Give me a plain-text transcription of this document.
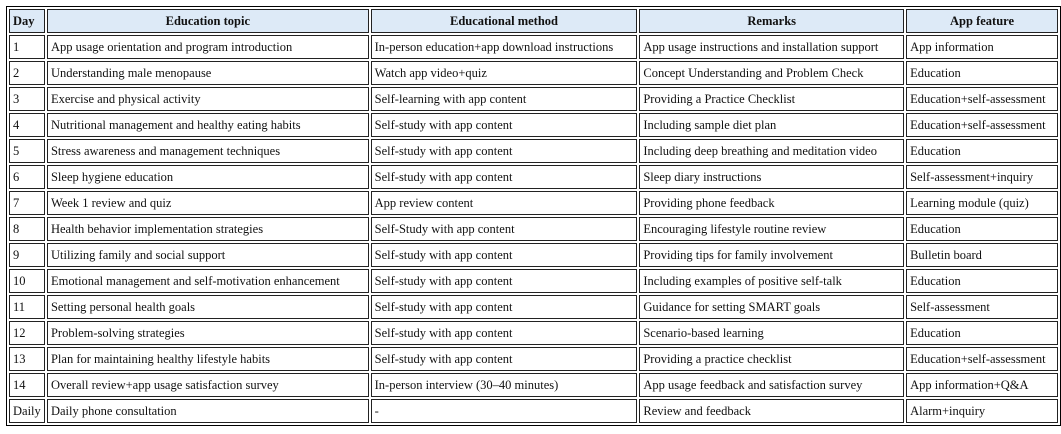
Day	Education topic	Educational method	Remarks	App feature
1	App usage orientation and program introduction	In-person education+app download instructions	App usage instructions and installation support	App information
2	Understanding male menopause	Watch app video+quiz	Concept Understanding and Problem Check	Education
3	Exercise and physical activity	Self-learning with app content	Providing a Practice Checklist	Education+self-assessment
4	Nutritional management and healthy eating habits	Self-study with app content	Including sample diet plan	Education+self-assessment
5	Stress awareness and management techniques	Self-study with app content	Including deep breathing and meditation video	Education
6	Sleep hygiene education	Self-study with app content	Sleep diary instructions	Self-assessment+inquiry
7	Week 1 review and quiz	App review content	Providing phone feedback	Learning module (quiz)
8	Health behavior implementation strategies	Self-Study with app content	Encouraging lifestyle routine review	Education
9	Utilizing family and social support	Self-study with app content	Providing tips for family involvement	Bulletin board
10	Emotional management and self-motivation enhancement	Self-study with app content	Including examples of positive self-talk	Education
11	Setting personal health goals	Self-study with app content	Guidance for setting SMART goals	Self-assessment
12	Problem-solving strategies	Self-study with app content	Scenario-based learning	Education
13	Plan for maintaining healthy lifestyle habits	Self-study with app content	Providing a practice checklist	Education+self-assessment
14	Overall review+app usage satisfaction survey	In-person interview (30–40 minutes)	App usage feedback and satisfaction survey	App information+Q&A
Daily	Daily phone consultation	-	Review and feedback	Alarm+inquiry
